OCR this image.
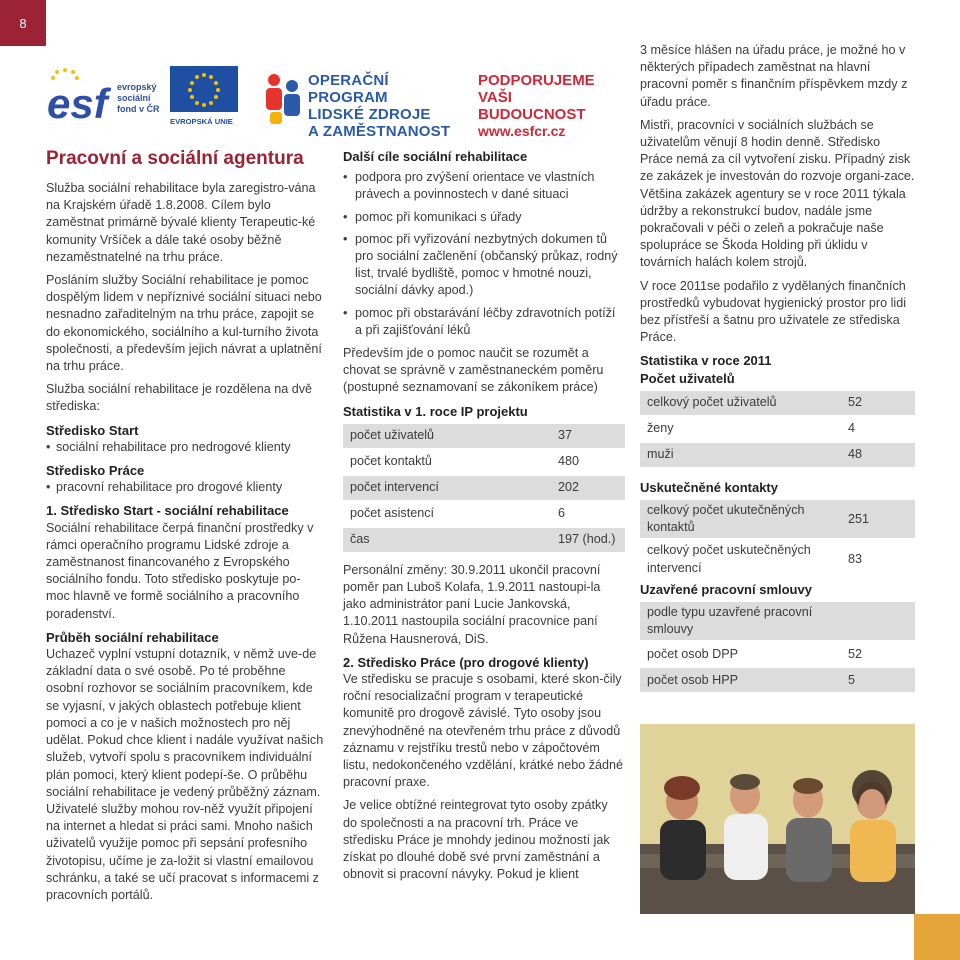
8
esf	evropský
sociální
fond v ČR
EVROPSKÁ UNIE
OPERAČNÍ PROGRAM
LIDSKÉ ZDROJE
A ZAMĚSTNANOST
PODPORUJEME
VAŠI BUDOUCNOST
www.esfcr.cz
Pracovní a sociální agentura

Služba sociální rehabilitace byla zaregistro-vána na Krajském úřadě 1.8.2008. Cílem bylo zaměstnat primárně bývalé klienty Terapeutic-ké komunity Vršíček a dále také osoby běžně nezaměstnatelné na trhu práce.

Posláním služby Sociální rehabilitace je pomoc dospělým lidem v nepříznivé sociální situaci nebo nesnadno zařaditelným na trhu práce, zapojit se do ekonomického, sociálního a kul-turního života společnosti, a především jejich návrat a uplatnění na trhu práce.

Služba sociální rehabilitace je rozdělena na dvě střediska:

Středisko Start
• sociální rehabilitace pro nedrogové klienty
Středisko Práce
• pracovní rehabilitace pro drogové klienty
1. Středisko Start - sociální rehabilitace

Sociální rehabilitace čerpá finanční prostředky v rámci operačního programu Lidské zdroje a zaměstnanost financovaného z Evropského sociálního fondu. Toto středisko poskytuje po-moc hlavně ve formě sociálního a pracovního poradenství.

Průběh sociální rehabilitace

Uchazeč vyplní vstupní dotazník, v němž uve-de základní data o své osobě. Po té proběhne osobní rozhovor se sociálním pracovníkem, kde se vyjasní, v jakých oblastech potřebuje klient pomoci a co je v našich možnostech pro něj udělat. Pokud chce klient i nadále využívat našich služeb, vytvoří spolu s pracovníkem individuální plán pomoci, který klient podepí-še. O průběhu sociální rehabilitace je vedený průběžný záznam. Uživatelé služby mohou rov-něž využít připojení na internet a hledat si práci sami. Mnoho našich uživatelů využije pomoc při sepsání profesního životopisu, učíme je za-ložit si vlastní emailovou schránku, a také se učí pracovat s informacemi z pracovních portálů.

Další cíle sociální rehabilitace
• podpora pro zvýšení orientace ve vlastních právech a povinnostech v dané situaci
• pomoc při komunikaci s úřady
• pomoc při vyřizování nezbytných dokumen tů pro sociální začlenění (občanský průkaz, rodný list, trvalé bydliště, pomoc v hmotné nouzi, sociální dávky apod.)
• pomoc při obstarávání léčby zdravotních potíží a při zajišťování léků

Především jde o pomoc naučit se rozumět a chovat se správně v zaměstnaneckém poměru (postupné seznamovaní se zákoníkem práce)

Statistika v 1. roce IP projektu
počet uživatelů	37
počet kontaktů	480
počet intervencí	202
počet asistencí	6
čas	197 (hod.)

Personální změny: 30.9.2011 ukončil pracovní poměr pan Luboš Kolafa, 1.9.2011 nastoupi-la jako administrátor paní Lucie Jankovská, 1.10.2011 nastoupila sociální pracovnice paní Růžena Hausnerová, DiS.

2. Středisko Práce (pro drogové klienty)

Ve středisku se pracuje s osobami, které skon-čily roční resocializační program v terapeutické komunitě pro drogově závislé. Tyto osoby jsou znevýhodněné na otevřeném trhu práce z důvodů záznamu v rejstříku trestů nebo v zápočtovém listu, nedokončeného vzdělání, krátké nebo žádné pracovní praxe.

Je velice obtížné reintegrovat tyto osoby zpátky do společnosti a na pracovní trh. Práce ve středisku Práce je mnohdy jedinou možností jak získat po dlouhé době své první zaměstnání a obnovit si pracovní návyky. Pokud je klient

3 měsíce hlášen na úřadu práce, je možné ho v některých případech zaměstnat na hlavní pracovní poměr s finančním příspěvkem mzdy z úřadu práce.

Mistři, pracovníci v sociálních službách se uživatelům věnují 8 hodin denně. Středisko Práce nemá za cíl vytvoření zisku. Případný zisk ze zakázek je investován do rozvoje organi-zace. Většina zakázek agentury se v roce 2011 týkala údržby a rekonstrukcí budov, nadále jsme pokračovali v péči o zeleň a pokračuje naše spolupráce se Škoda Holding při úklidu v továrních halách kolem strojů.

V roce 2011se podařilo z vydělaných finančních prostředků vybudovat hygienický prostor pro lidi bez přístřeší a šatnu pro uživatele ze střediska Práce.

Statistika v roce 2011
Počet uživatelů
celkový počet uživatelů	52
ženy	4
muži	48
Uskutečněné kontakty
celkový počet ukutečněných kontaktů	251
celkový počet uskutečněných intervencí	83
Uzavřené pracovní smlouvy
podle typu uzavřené pracovní smlouvy	
počet osob DPP	52
počet osob HPP	5
